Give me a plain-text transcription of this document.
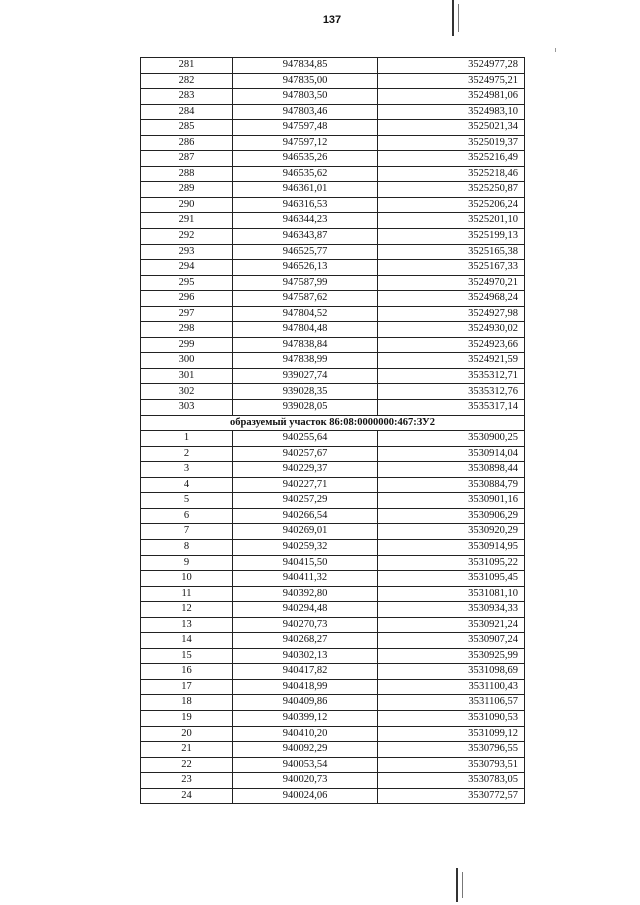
137
281	947834,85	3524977,28
282	947835,00	3524975,21
283	947803,50	3524981,06
284	947803,46	3524983,10
285	947597,48	3525021,34
286	947597,12	3525019,37
287	946535,26	3525216,49
288	946535,62	3525218,46
289	946361,01	3525250,87
290	946316,53	3525206,24
291	946344,23	3525201,10
292	946343,87	3525199,13
293	946525,77	3525165,38
294	946526,13	3525167,33
295	947587,99	3524970,21
296	947587,62	3524968,24
297	947804,52	3524927,98
298	947804,48	3524930,02
299	947838,84	3524923,66
300	947838,99	3524921,59
301	939027,74	3535312,71
302	939028,35	3535312,76
303	939028,05	3535317,14
образуемый участок 86:08:0000000:467:ЗУ2		
1	940255,64	3530900,25
2	940257,67	3530914,04
3	940229,37	3530898,44
4	940227,71	3530884,79
5	940257,29	3530901,16
6	940266,54	3530906,29
7	940269,01	3530920,29
8	940259,32	3530914,95
9	940415,50	3531095,22
10	940411,32	3531095,45
11	940392,80	3531081,10
12	940294,48	3530934,33
13	940270,73	3530921,24
14	940268,27	3530907,24
15	940302,13	3530925,99
16	940417,82	3531098,69
17	940418,99	3531100,43
18	940409,86	3531106,57
19	940399,12	3531090,53
20	940410,20	3531099,12
21	940092,29	3530796,55
22	940053,54	3530793,51
23	940020,73	3530783,05
24	940024,06	3530772,57
